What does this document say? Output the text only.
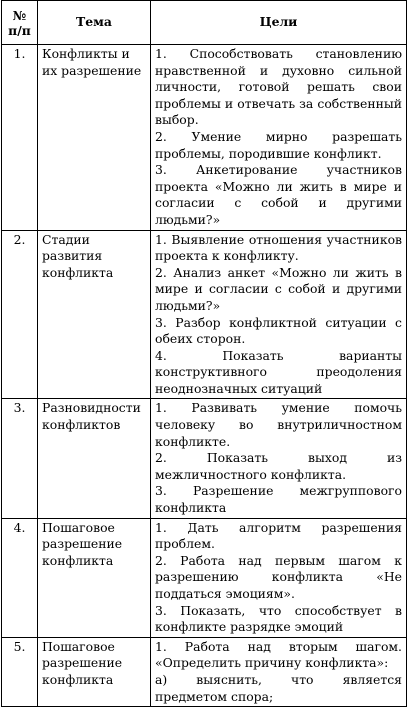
№
п/п	Тема	Цели
1.	Конфликты и их разрешение	1. Способствовать становлению нравственной и духовно сильной личности, готовой решать свои проблемы и отвечать за собственный выбор.
2. Умение мирно разрешать проблемы, породившие конфликт.
3. Анкетирование участников проекта «Можно ли жить в мире и согласии с собой и другими людьми?»

2.	Стадии развития конфликта	1. Выявление отношения участников проекта к конфликту.
2. Анализ анкет «Можно ли жить в мире и согласии с собой и другими людьми?»
3. Разбор конфликтной ситуации с обеих сторон.
4. Показать варианты конструктивного преодоления неоднозначных ситуаций

3.	Разновидности конфликтов	1. Развивать умение помочь человеку во внутриличностном конфликте.
2. Показать выход из межличностного конфликта.
3. Разрешение межгруппового конфликта

4.	Пошаговое разрешение конфликта	1. Дать алгоритм разрешения проблем.
2. Работа над первым шагом к разрешению конфликта «Не поддаться эмоциям».
3. Показать, что способствует в конфликте разрядке эмоций

5.	Пошаговое разрешение конфликта	1. Работа над вторым шагом. «Определить причину конфликта»:
а) выяснить, что является предметом спора;
